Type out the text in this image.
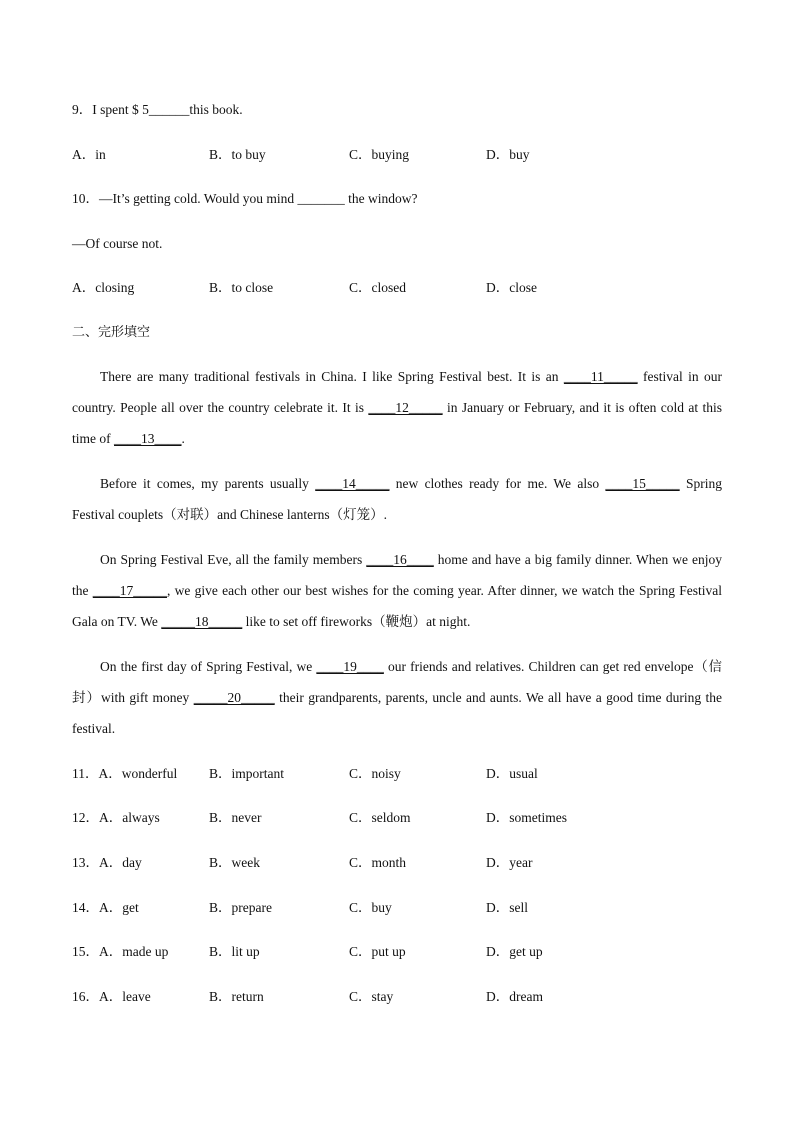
9．I spent $ 5______this book.
A．in	B．to buy	C．buying	D．buy
10．—It’s getting cold. Would you mind _______ the window?
—Of course not.
A．closing	B．to close	C．closed	D．close
二、完形填空

There are many traditional festivals in China. I like Spring Festival best. It is an ____11_____ festival in our country. People all over the country celebrate it. It is ____12_____ in January or February, and it is often cold at this time of ____13____.

Before it comes, my parents usually ____14_____ new clothes ready for me. We also ____15_____ Spring Festival couplets（对联）and Chinese lanterns（灯笼）.

On Spring Festival Eve, all the family members ____16____ home and have a big family dinner. When we enjoy the ____17_____, we give each other our best wishes for the coming year. After dinner, we watch the Spring Festival Gala on TV. We _____18_____ like to set off fireworks（鞭炮）at night.

On the first day of Spring Festival, we ____19____ our friends and relatives. Children can get red envelope（信封）with gift money _____20_____ their grandparents, parents, uncle and aunts. We all have a good time during the festival.

11．A．wonderful B．important	C．noisy	D．usual
12．A．always	B．never	C．seldom	D．sometimes
13．A．day	B．week	C．month	D．year
14．A．get	B．prepare	C．buy	D．sell
15．A．made up	B．lit up	C．put up	D．get up
16．A．leave	B．return	C．stay	D．dream
